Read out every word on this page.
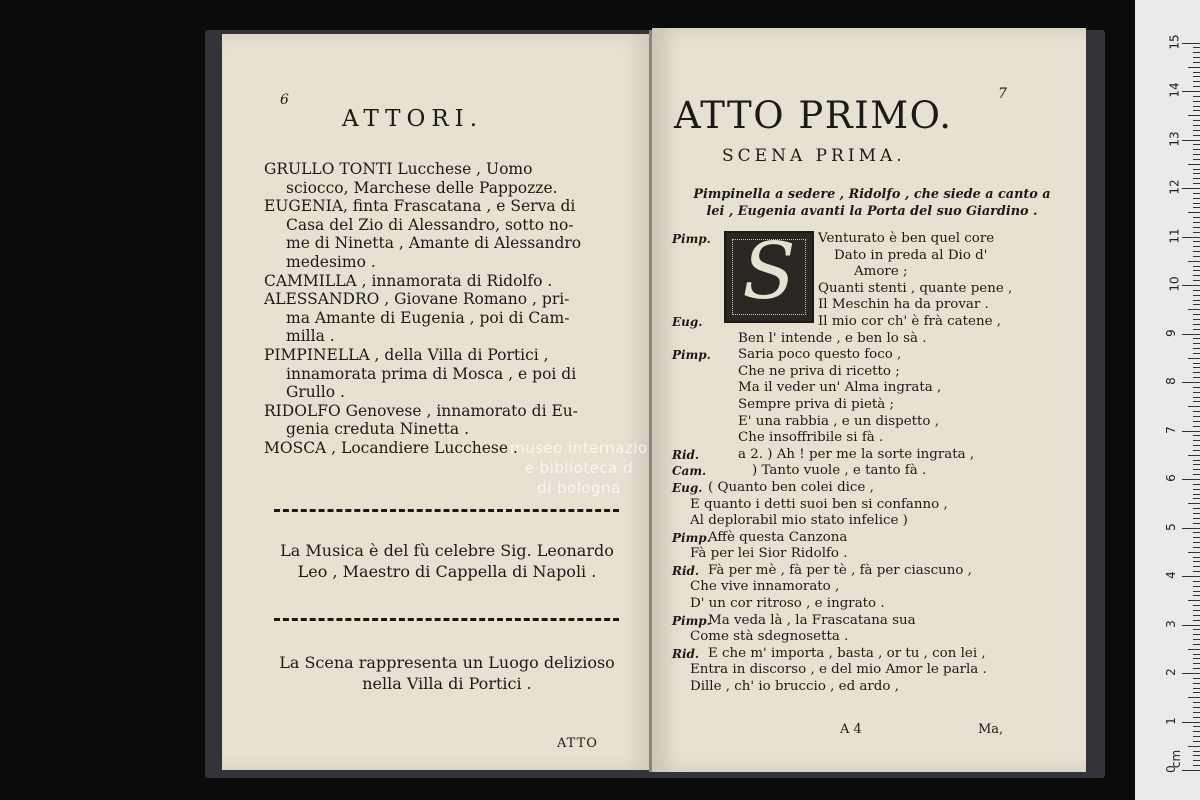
6
ATTORI.
GRULLO TONTI Lucchese , Uomo
sciocco, Marchese delle Pappozze.
EUGENIA, finta Frascatana , e Serva di
Casa del Zio di Alessandro, sotto no-
me di Ninetta , Amante di Alessandro
medesimo .
CAMMILLA , innamorata di Ridolfo .
ALESSANDRO , Giovane Romano , pri-
ma Amante di Eugenia , poi di Cam-
milla .
PIMPINELLA , della Villa di Portici ,
innamorata prima di Mosca , e poi di
Grullo .
RIDOLFO Genovese , innamorato di Eu-
genia creduta Ninetta .
MOSCA , Locandiere Lucchese .
La Musica è del fù celebre Sig. Leonardo
Leo , Maestro di Cappella di Napoli .
La Scena rappresenta un Luogo delizioso
nella Villa di Portici .
ATTO
7
ATTO PRIMO.
SCENA PRIMA.
Pimpinella a sedere , Ridolfo , che siede a canto a
lei , Eugenia avanti la Porta del suo Giardino .
S
Pimp.	Venturato è ben quel core
Dato in preda al Dio d'
Amore ;
Quanti stenti , quante pene ,
Il Meschin ha da provar .
Eug.	Il mio cor ch' è frà catene ,
Ben l' intende , e ben lo sà .
Pimp.	Saria poco questo foco ,
Che ne priva di ricetto ;
Ma il veder un' Alma ingrata ,
Sempre priva di pietà ;
E' una rabbia , e un dispetto ,
Che insoffribile si fà .
Rid.	a 2. ) Ah ! per me la sorte ingrata ,
Cam.	) Tanto vuole , e tanto fà .
Eug. ( Quanto ben colei dice ,
E quanto i detti suoi ben si confanno ,
Al deplorabil mio stato infelice )
Pimp.
Affè questa Canzona
Fà per lei Sior Ridolfo .
Rid. Fà per mè , fà per tè , fà per ciascuno ,
Che vive innamorato ,
D' un cor ritroso , e ingrato .
Pimp.
Ma veda là , la Frascatana sua
Come stà sdegnosetta .
Rid. E che m' importa , basta , or tu , con lei ,
Entra in discorso , e del mio Amor le parla .
Dille , ch' io bruccio , ed ardo ,
A 4	Ma,
museo internazio
e biblioteca d
di bologna
cm
0
1
2
3
4
5
6
7
8
9
10
11
12
13
14
15
